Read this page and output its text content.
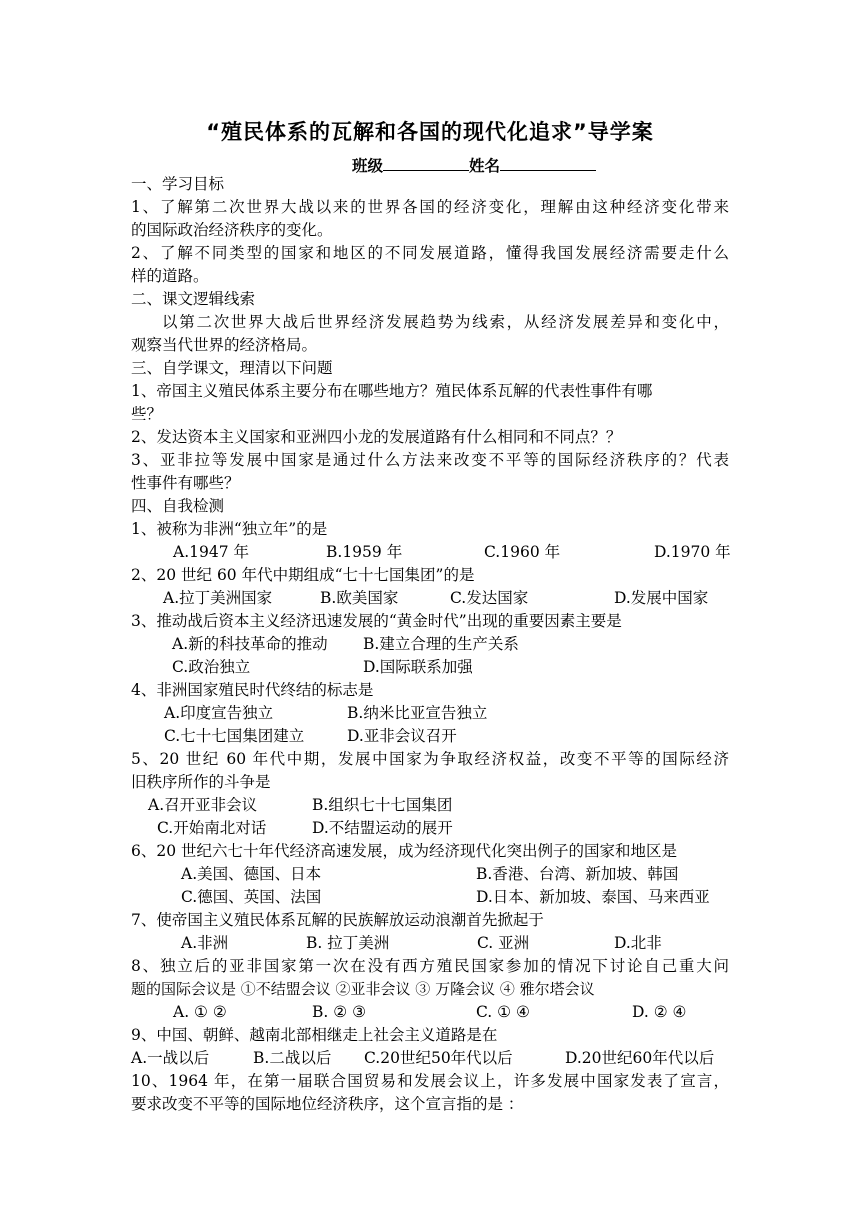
“殖民体系的瓦解和各国的现代化追求”导学案
班级	姓名
一、学习目标
1、了解第二次世界大战以来的世界各国的经济变化，理解由这种经济变化带来
的国际政治经济秩序的变化。
2、了解不同类型的国家和地区的不同发展道路，懂得我国发展经济需要走什么
样的道路。
二、课文逻辑线索
以第二次世界大战后世界经济发展趋势为线索，从经济发展差异和变化中，
观察当代世界的经济格局。
三、自学课文，理清以下问题
1、帝国主义殖民体系主要分布在哪些地方？殖民体系瓦解的代表性事件有哪
些？
2、发达资本主义国家和亚洲四小龙的发展道路有什么相同和不同点？？
3、亚非拉等发展中国家是通过什么方法来改变不平等的国际经济秩序的？代表
性事件有哪些？
四、自我检测
1、被称为非洲“独立年”的是
A.1947 年	B.1959 年	C.1960 年	D.1970 年
2、20 世纪 60 年代中期组成“七十七国集团”的是
A.拉丁美洲国家	B.欧美国家	C.发达国家	D.发展中国家
3、推动战后资本主义经济迅速发展的“黄金时代”出现的重要因素主要是
A.新的科技革命的推动 B.建立合理的生产关系
C.政治独立	D.国际联系加强
4、非洲国家殖民时代终结的标志是
A.印度宣告独立	B.纳米比亚宣告独立
C.七十七国集团建立	D.亚非会议召开
5、20 世纪 60 年代中期，发展中国家为争取经济权益，改变不平等的国际经济
旧秩序所作的斗争是
A.召开亚非会议	B.组织七十七国集团
C.开始南北对话	D.不结盟运动的展开
6、20 世纪六七十年代经济高速发展，成为经济现代化突出例子的国家和地区是
A.美国、德国、日本	B.香港、台湾、新加坡、韩国
C.德国、英国、法国	D.日本、新加坡、泰国、马来西亚
7、使帝国主义殖民体系瓦解的民族解放运动浪潮首先掀起于
A.非洲	B. 拉丁美洲	C. 亚洲	D.北非
8、独立后的亚非国家第一次在没有西方殖民国家参加的情况下讨论自己重大问
题的国际会议是 ①不结盟会议 ②亚非会议 ③ 万隆会议 ④ 雅尔塔会议
A. ① ②	B. ② ③	C. ① ④	D. ② ④
9、中国、朝鲜、越南北部相继走上社会主义道路是在
A.一战以后	B.二战以后 C.20世纪50年代以后	D.20世纪60年代以后
10、1964 年，在第一届联合国贸易和发展会议上，许多发展中国家发表了宣言，
要求改变不平等的国际地位经济秩序，这个宣言指的是 ：
